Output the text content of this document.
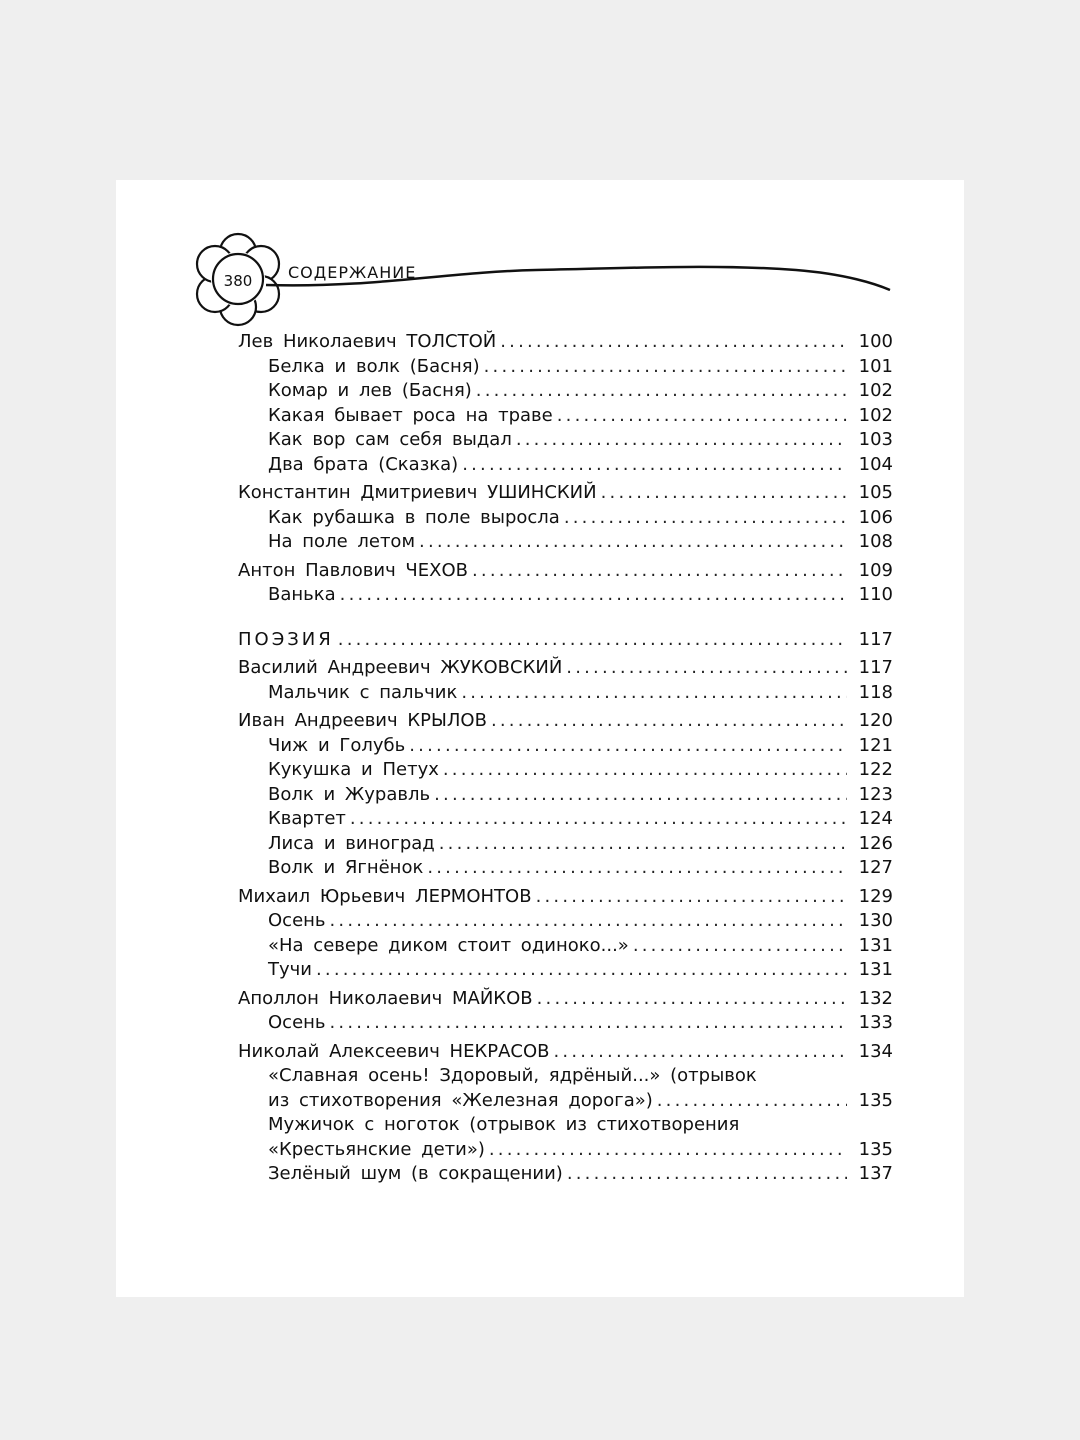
380	СОДЕРЖАНИЕ
Лев Николаевич ТОЛСТОЙ .....	100
Белка и волк (Басня) .....	101
Комар и лев (Басня) .....	102
Какая бывает роса на траве .....	102
Как вор сам себя выдал .....	103
Два брата (Сказка) .....	104
Константин Дмитриевич УШИНСКИЙ .....	105
Как рубашка в поле выросла .....	106
На поле летом .....	108
Антон Павлович ЧЕХОВ .....	109
Ванька .....	110
ПОЭЗИЯ .....	117
Василий Андреевич ЖУКОВСКИЙ .....	117
Мальчик с пальчик .....	118
Иван Андреевич КРЫЛОВ .....	120
Чиж и Голубь .....	121
Кукушка и Петух .....	122
Волк и Журавль .....	123
Квартет .....	124
Лиса и виноград .....	126
Волк и Ягнёнок .....	127
Михаил Юрьевич ЛЕРМОНТОВ .....	129
Осень .....	130
«На севере диком стоит одиноко...» .....	131
Тучи .....	131
Аполлон Николаевич МАЙКОВ .....	132
Осень .....	133
Николай Алексеевич НЕКРАСОВ .....	134
«Славная осень! Здоровый, ядрёный...» (отрывок
из стихотворения «Железная дорога») .....	135
Мужичок с ноготок (отрывок из стихотворения
«Крестьянские дети») .....	135
Зелёный шум (в сокращении) .....	137
